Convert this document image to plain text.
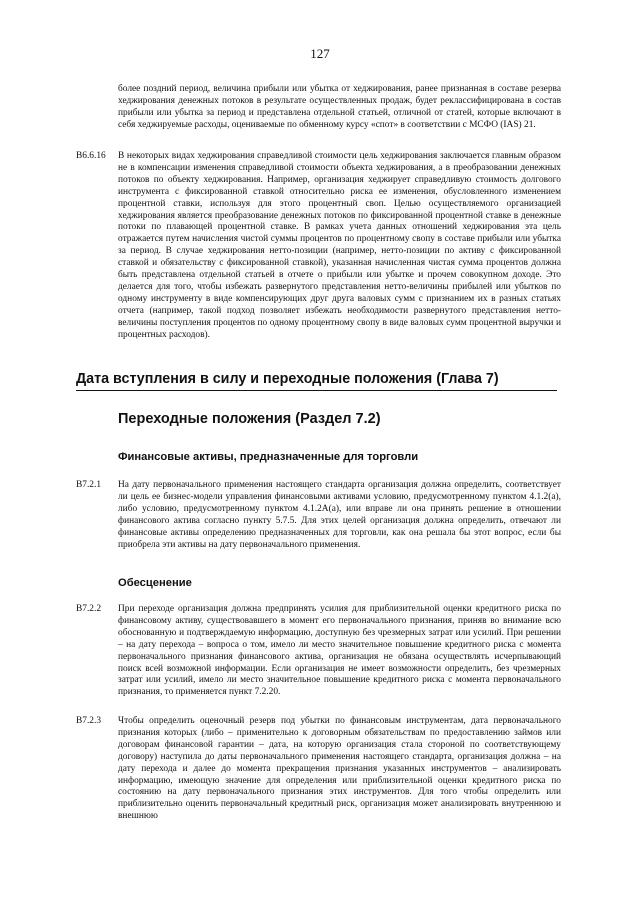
127
более поздний период, величина прибыли или убытка от хеджирования, ранее признанная в составе резерва хеджирования денежных потоков в результате осуществленных продаж, будет реклассифицирована в состав прибыли или убытка за период и представлена отдельной статьей, отличной от статей, которые включают в себя хеджируемые расходы, оцениваемые по обменному курсу «спот» в соответствии с МСФО (IAS) 21.
B6.6.16 В некоторых видах хеджирования справедливой стоимости цель хеджирования заключается главным образом не в компенсации изменения справедливой стоимости объекта хеджирования, а в преобразовании денежных потоков по объекту хеджирования. Например, организация хеджирует справедливую стоимость долгового инструмента с фиксированной ставкой относительно риска ее изменения, обусловленного изменением процентной ставки, используя для этого процентный своп. Целью осуществляемого организацией хеджирования является преобразование денежных потоков по фиксированной процентной ставке в денежные потоки по плавающей процентной ставке. В рамках учета данных отношений хеджирования эта цель отражается путем начисления чистой суммы процентов по процентному свопу в составе прибыли или убытка за период. В случае хеджирования нетто-позиции (например, нетто-позиции по активу с фиксированной ставкой и обязательству с фиксированной ставкой), указанная начисленная чистая сумма процентов должна быть представлена отдельной статьей в отчете о прибыли или убытке и прочем совокупном доходе. Это делается для того, чтобы избежать развернутого представления нетто-величины прибылей или убытков по одному инструменту в виде компенсирующих друг друга валовых сумм с признанием их в разных статьях отчета (например, такой подход позволяет избежать необходимости развернутого представления нетто-величины поступления процентов по одному процентному свопу в виде валовых сумм процентной выручки и процентных расходов).
Дата вступления в силу и переходные положения (Глава 7)
Переходные положения (Раздел 7.2)
Финансовые активы, предназначенные для торговли
B7.2.1 На дату первоначального применения настоящего стандарта организация должна определить, соответствует ли цель ее бизнес-модели управления финансовыми активами условию, предусмотренному пунктом 4.1.2(a), либо условию, предусмотренному пунктом 4.1.2A(a), или вправе ли она принять решение в отношении финансового актива согласно пункту 5.7.5. Для этих целей организация должна определить, отвечают ли финансовые активы определению предназначенных для торговли, как она решала бы этот вопрос, если бы приобрела эти активы на дату первоначального применения.
Обесценение
B7.2.2 При переходе организация должна предпринять усилия для приблизительной оценки кредитного риска по финансовому активу, существовавшего в момент его первоначального признания, приняв во внимание всю обоснованную и подтверждаемую информацию, доступную без чрезмерных затрат или усилий. При решении – на дату перехода – вопроса о том, имело ли место значительное повышение кредитного риска с момента первоначального признания финансового актива, организация не обязана осуществлять исчерпывающий поиск всей возможной информации. Если организация не имеет возможности определить, без чрезмерных затрат или усилий, имело ли место значительное повышение кредитного риска с момента первоначального признания, то применяется пункт 7.2.20.
B7.2.3 Чтобы определить оценочный резерв под убытки по финансовым инструментам, дата первоначального признания которых (либо – применительно к договорным обязательствам по предоставлению займов или договорам финансовой гарантии – дата, на которую организация стала стороной по соответствующему договору) наступила до даты первоначального применения настоящего стандарта, организация должна – на дату перехода и далее до момента прекращения признания указанных инструментов – анализировать информацию, имеющую значение для определения или приблизительной оценки кредитного риска по состоянию на дату первоначального признания этих инструментов. Для того чтобы определить или приблизительно оценить первоначальный кредитный риск, организация может анализировать внутреннюю и внешнюю
